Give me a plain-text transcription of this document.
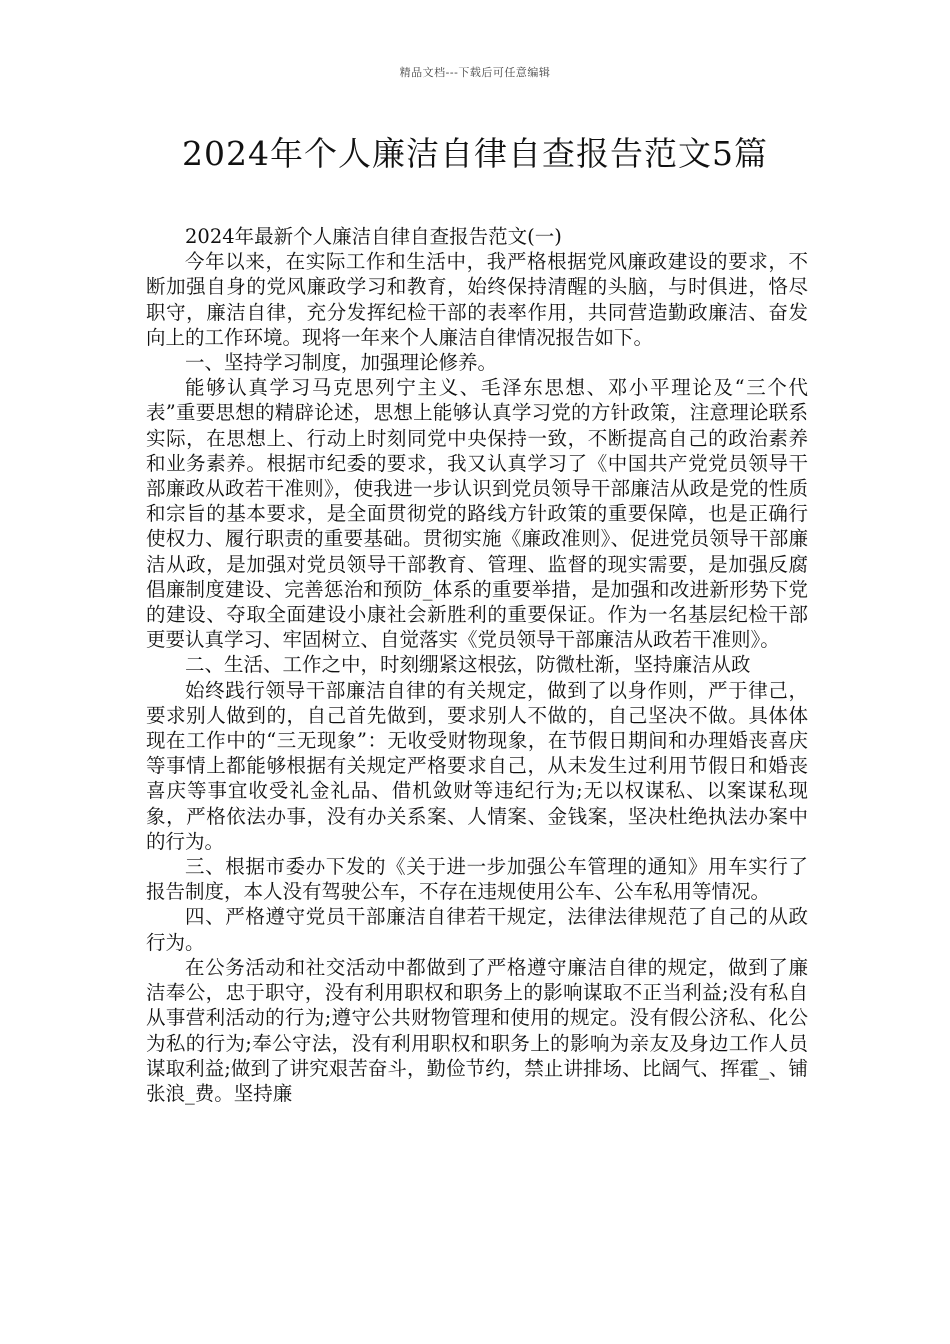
精品文档---下载后可任意编辑
2024年个人廉洁自律自查报告范文5篇

2024年最新个人廉洁自律自查报告范文(一)

今年以来，在实际工作和生活中，我严格根据党风廉政建设的要求，不断加强自身的党风廉政学习和教育，始终保持清醒的头脑，与时俱进，恪尽职守，廉洁自律，充分发挥纪检干部的表率作用，共同营造勤政廉洁、奋发向上的工作环境。现将一年来个人廉洁自律情况报告如下。

一、坚持学习制度，加强理论修养。

能够认真学习马克思列宁主义、毛泽东思想、邓小平理论及“三个代表”重要思想的精辟论述，思想上能够认真学习党的方针政策，注意理论联系实际，在思想上、行动上时刻同党中央保持一致，不断提高自己的政治素养和业务素养。根据市纪委的要求，我又认真学习了《中国共产党党员领导干部廉政从政若干准则》，使我进一步认识到党员领导干部廉洁从政是党的性质和宗旨的基本要求，是全面贯彻党的路线方针政策的重要保障，也是正确行使权力、履行职责的重要基础。贯彻实施《廉政准则》、促进党员领导干部廉洁从政，是加强对党员领导干部教育、管理、监督的现实需要，是加强反腐倡廉制度建设、完善惩治和预防_体系的重要举措，是加强和改进新形势下党的建设、夺取全面建设小康社会新胜利的重要保证。作为一名基层纪检干部更要认真学习、牢固树立、自觉落实《党员领导干部廉洁从政若干准则》。

二、生活、工作之中，时刻绷紧这根弦，防微杜渐，坚持廉洁从政

始终践行领导干部廉洁自律的有关规定，做到了以身作则，严于律己，要求别人做到的，自己首先做到，要求别人不做的，自己坚决不做。具体体现在工作中的“三无现象”：无收受财物现象，在节假日期间和办理婚丧喜庆等事情上都能够根据有关规定严格要求自己，从未发生过利用节假日和婚丧喜庆等事宜收受礼金礼品、借机敛财等违纪行为;无以权谋私、以案谋私现象，严格依法办事，没有办关系案、人情案、金钱案，坚决杜绝执法办案中的行为。

三、根据市委办下发的《关于进一步加强公车管理的通知》用车实行了报告制度，本人没有驾驶公车，不存在违规使用公车、公车私用等情况。

四、严格遵守党员干部廉洁自律若干规定，法律法律规范了自己的从政行为。

在公务活动和社交活动中都做到了严格遵守廉洁自律的规定，做到了廉洁奉公，忠于职守，没有利用职权和职务上的影响谋取不正当利益;没有私自从事营利活动的行为;遵守公共财物管理和使用的规定。没有假公济私、化公为私的行为;奉公守法，没有利用职权和职务上的影响为亲友及身边工作人员谋取利益;做到了讲究艰苦奋斗，勤俭节约，禁止讲排场、比阔气、挥霍_、铺张浪_费。坚持廉
